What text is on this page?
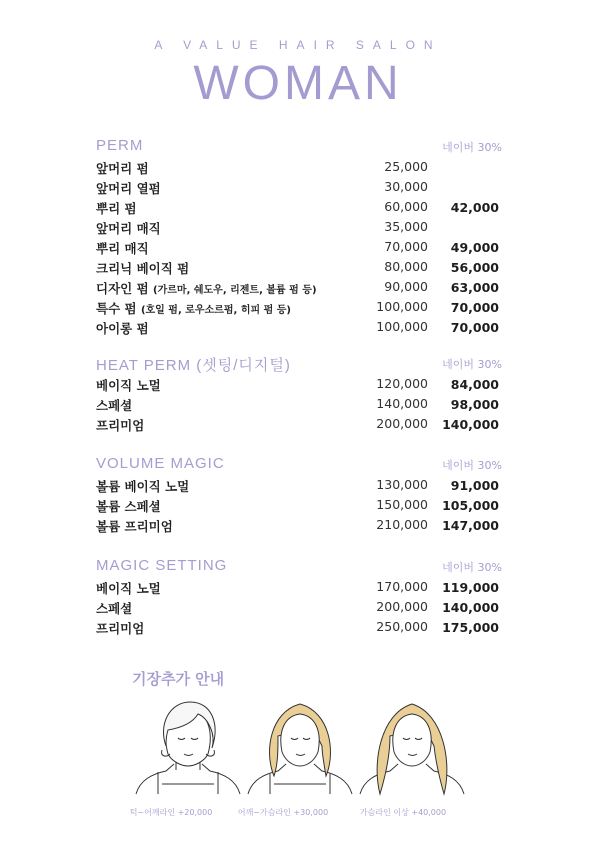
A VALUE HAIR SALON
WOMAN
PERM	네이버 30%
앞머리 펌	25,000
앞머리 열펌	30,000
뿌리 펌	60,000	42,000
앞머리 매직	35,000
뿌리 매직	70,000	49,000
크리닉 베이직 펌	80,000	56,000
디자인 펌 (가르마, 쉐도우, 리젠트, 볼륨 펌 등)	90,000	63,000
특수 펌 (호일 펌, 로우소르펌, 히피 펌 등)	100,000	70,000
아이롱 펌	100,000	70,000
HEAT PERM (셋팅/디지털)	네이버 30%
베이직 노멀	120,000	84,000
스페셜	140,000	98,000
프리미엄	200,000	140,000
VOLUME MAGIC	네이버 30%
볼륨 베이직 노멀	130,000	91,000
볼륨 스페셜	150,000	105,000
볼륨 프리미엄	210,000	147,000
MAGIC SETTING	네이버 30%
베이직 노멀	170,000	119,000
스페셜	200,000	140,000
프리미엄	250,000	175,000
기장추가 안내
턱~어깨라인 +20,000	어깨~가슴라인 +30,000	가슴라인 이상 +40,000
